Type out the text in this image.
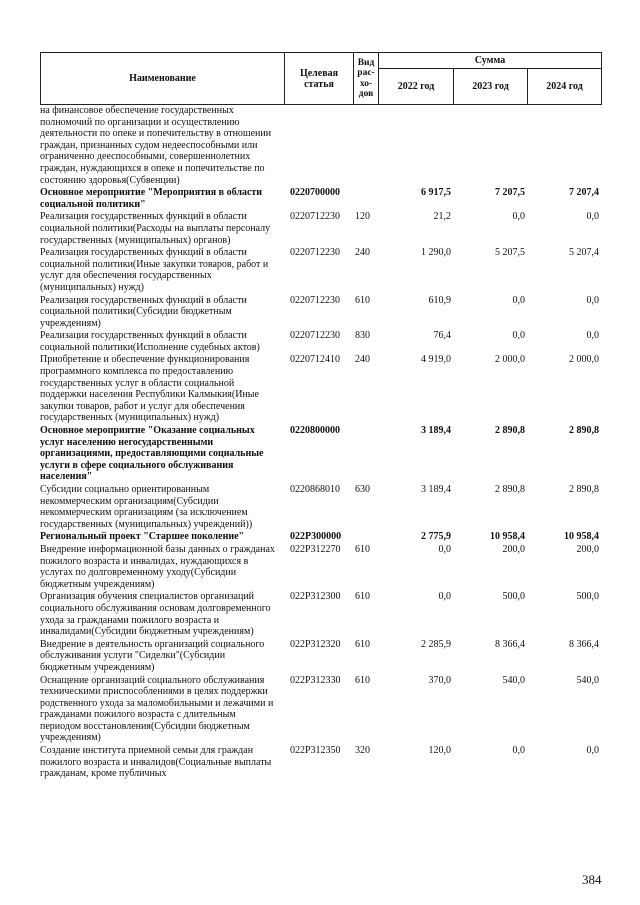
Наименование	Целевая статья	Вид рас-хо-дов	Сумма		
			2022 год	2023 год	2024 год
на финансовое обеспечение государственных полномочий по организации и осуществлению деятельности по опеке и попечительству в отношении граждан, признанных судом недееспособными или ограниченно дееспособными, совершеннолетних граждан, нуждающихся в опеке и попечительстве по состоянию здоровья(Субвенции)					
Основное мероприятие "Мероприятия в области социальной политики"	0220700000		6 917,5	7 207,5	7 207,4
Реализация государственных функций в области социальной политики(Расходы на выплаты персоналу государственных (муниципальных) органов)	0220712230	120	21,2	0,0	0,0
Реализация государственных функций в области социальной политики(Иные закупки товаров, работ и услуг для обеспечения государственных (муниципальных) нужд)	0220712230	240	1 290,0	5 207,5	5 207,4
Реализация государственных функций в области социальной политики(Субсидии бюджетным учреждениям)	0220712230	610	610,9	0,0	0,0
Реализация государственных функций в области социальной политики(Исполнение судебных актов)	0220712230	830	76,4	0,0	0,0
Приобретение и обеспечение функционирования программного комплекса по предоставлению государственных услуг в области социальной поддержки населения Республики Калмыкия(Иные закупки товаров, работ и услуг для обеспечения государственных (муниципальных) нужд)	0220712410	240	4 919,0	2 000,0	2 000,0
Основное мероприятие "Оказание социальных услуг населению негосударственными организациями, предоставляющими социальные услуги в сфере социального обслуживания населения"	0220800000		3 189,4	2 890,8	2 890,8
Субсидии социально ориентированным некоммерческим организациям(Субсидии некоммерческим организациям (за исключением государственных (муниципальных) учреждений))	0220868010	630	3 189,4	2 890,8	2 890,8
Региональный проект "Старшее поколение"	022P300000		2 775,9	10 958,4	10 958,4
Внедрение информационной базы данных о гражданах пожилого возраста и инвалидах, нуждающихся в услугах по долговременному уходу(Субсидии бюджетным учреждениям)	022P312270	610	0,0	200,0	200,0
Организация обучения специалистов организаций социального обслуживания основам долговременного ухода за гражданами пожилого возраста и инвалидами(Субсидии бюджетным учреждениям)	022P312300	610	0,0	500,0	500,0
Внедрение в деятельность организаций социального обслуживания услуги "Сиделки"(Субсидии бюджетным учреждениям)	022P312320	610	2 285,9	8 366,4	8 366,4
Оснащение организаций социального обслуживания техническими приспособлениями в целях поддержки родственного ухода за маломобильными и лежачими и гражданами пожилого возраста с длительным периодом восстановления(Субсидии бюджетным учреждениям)	022P312330	610	370,0	540,0	540,0
Создание института приемной семьи для граждан пожилого возраста и инвалидов(Социальные выплаты гражданам, кроме публичных	022P312350	320	120,0	0,0	0,0
384
